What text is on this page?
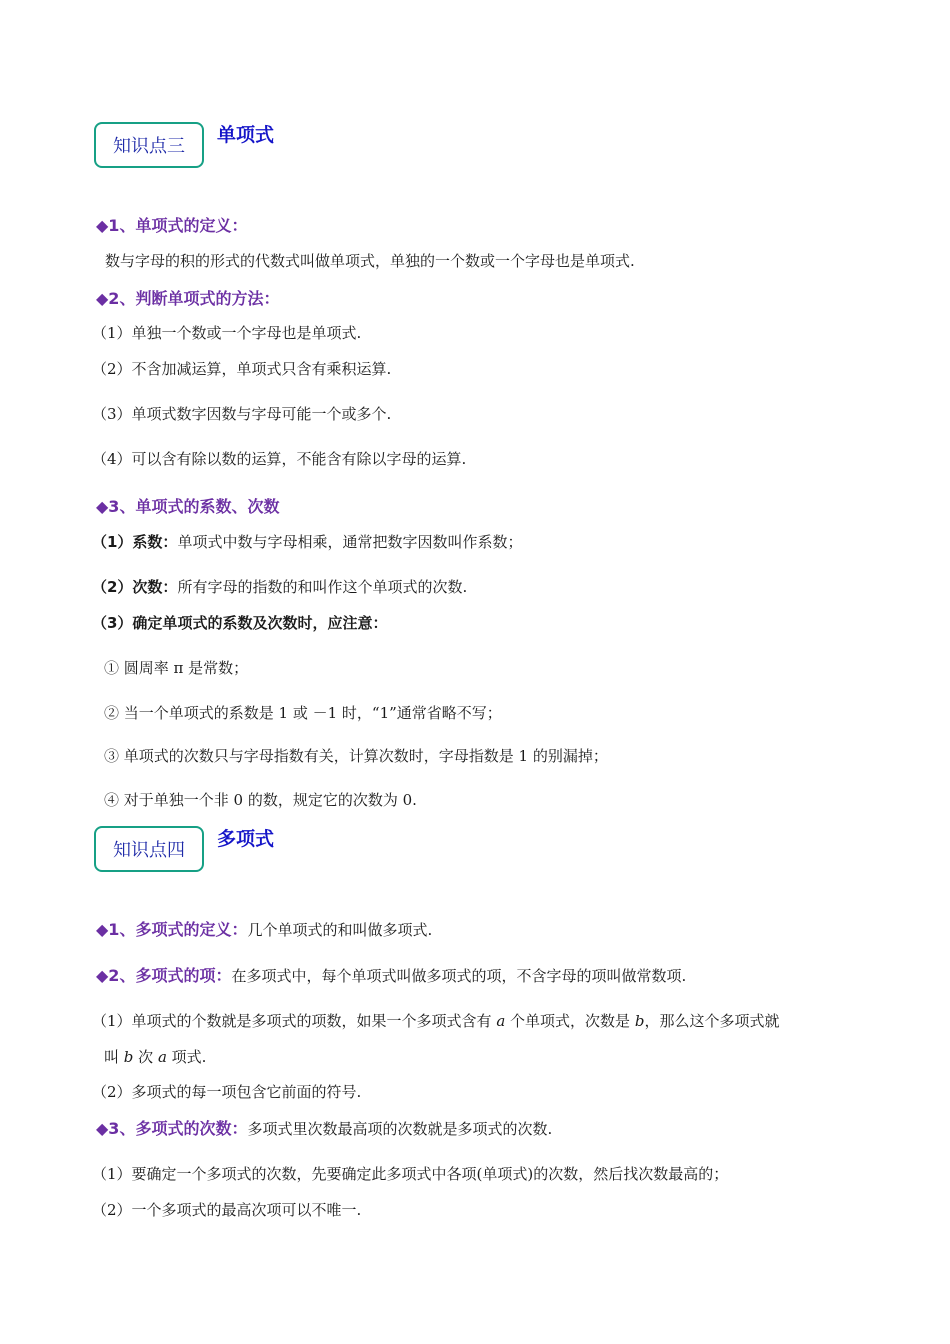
知识点三
单项式
◆1、单项式的定义：
数与字母的积的形式的代数式叫做单项式，单独的一个数或一个字母也是单项式.
◆2、判断单项式的方法：
（1）单独一个数或一个字母也是单项式.
（2）不含加减运算，单项式只含有乘积运算.
（3）单项式数字因数与字母可能一个或多个.
（4）可以含有除以数的运算，不能含有除以字母的运算.
◆3、单项式的系数、次数
（1）系数：单项式中数与字母相乘，通常把数字因数叫作系数；
（2）次数：所有字母的指数的和叫作这个单项式的次数.
（3）确定单项式的系数及次数时，应注意：
① 圆周率 π 是常数；
② 当一个单项式的系数是 1 或 －1 时，“1”通常省略不写；
③ 单项式的次数只与字母指数有关，计算次数时，字母指数是 1 的别漏掉；
④ 对于单独一个非 0 的数，规定它的次数为 0.
知识点四
多项式
◆1、多项式的定义：几个单项式的和叫做多项式.
◆2、多项式的项：在多项式中，每个单项式叫做多项式的项，不含字母的项叫做常数项.
（1）单项式的个数就是多项式的项数，如果一个多项式含有 a 个单项式，次数是 b，那么这个多项式就
叫 b 次 a 项式.
（2）多项式的每一项包含它前面的符号.
◆3、多项式的次数：多项式里次数最高项的次数就是多项式的次数.
（1）要确定一个多项式的次数，先要确定此多项式中各项(单项式)的次数，然后找次数最高的；
（2）一个多项式的最高次项可以不唯一.
